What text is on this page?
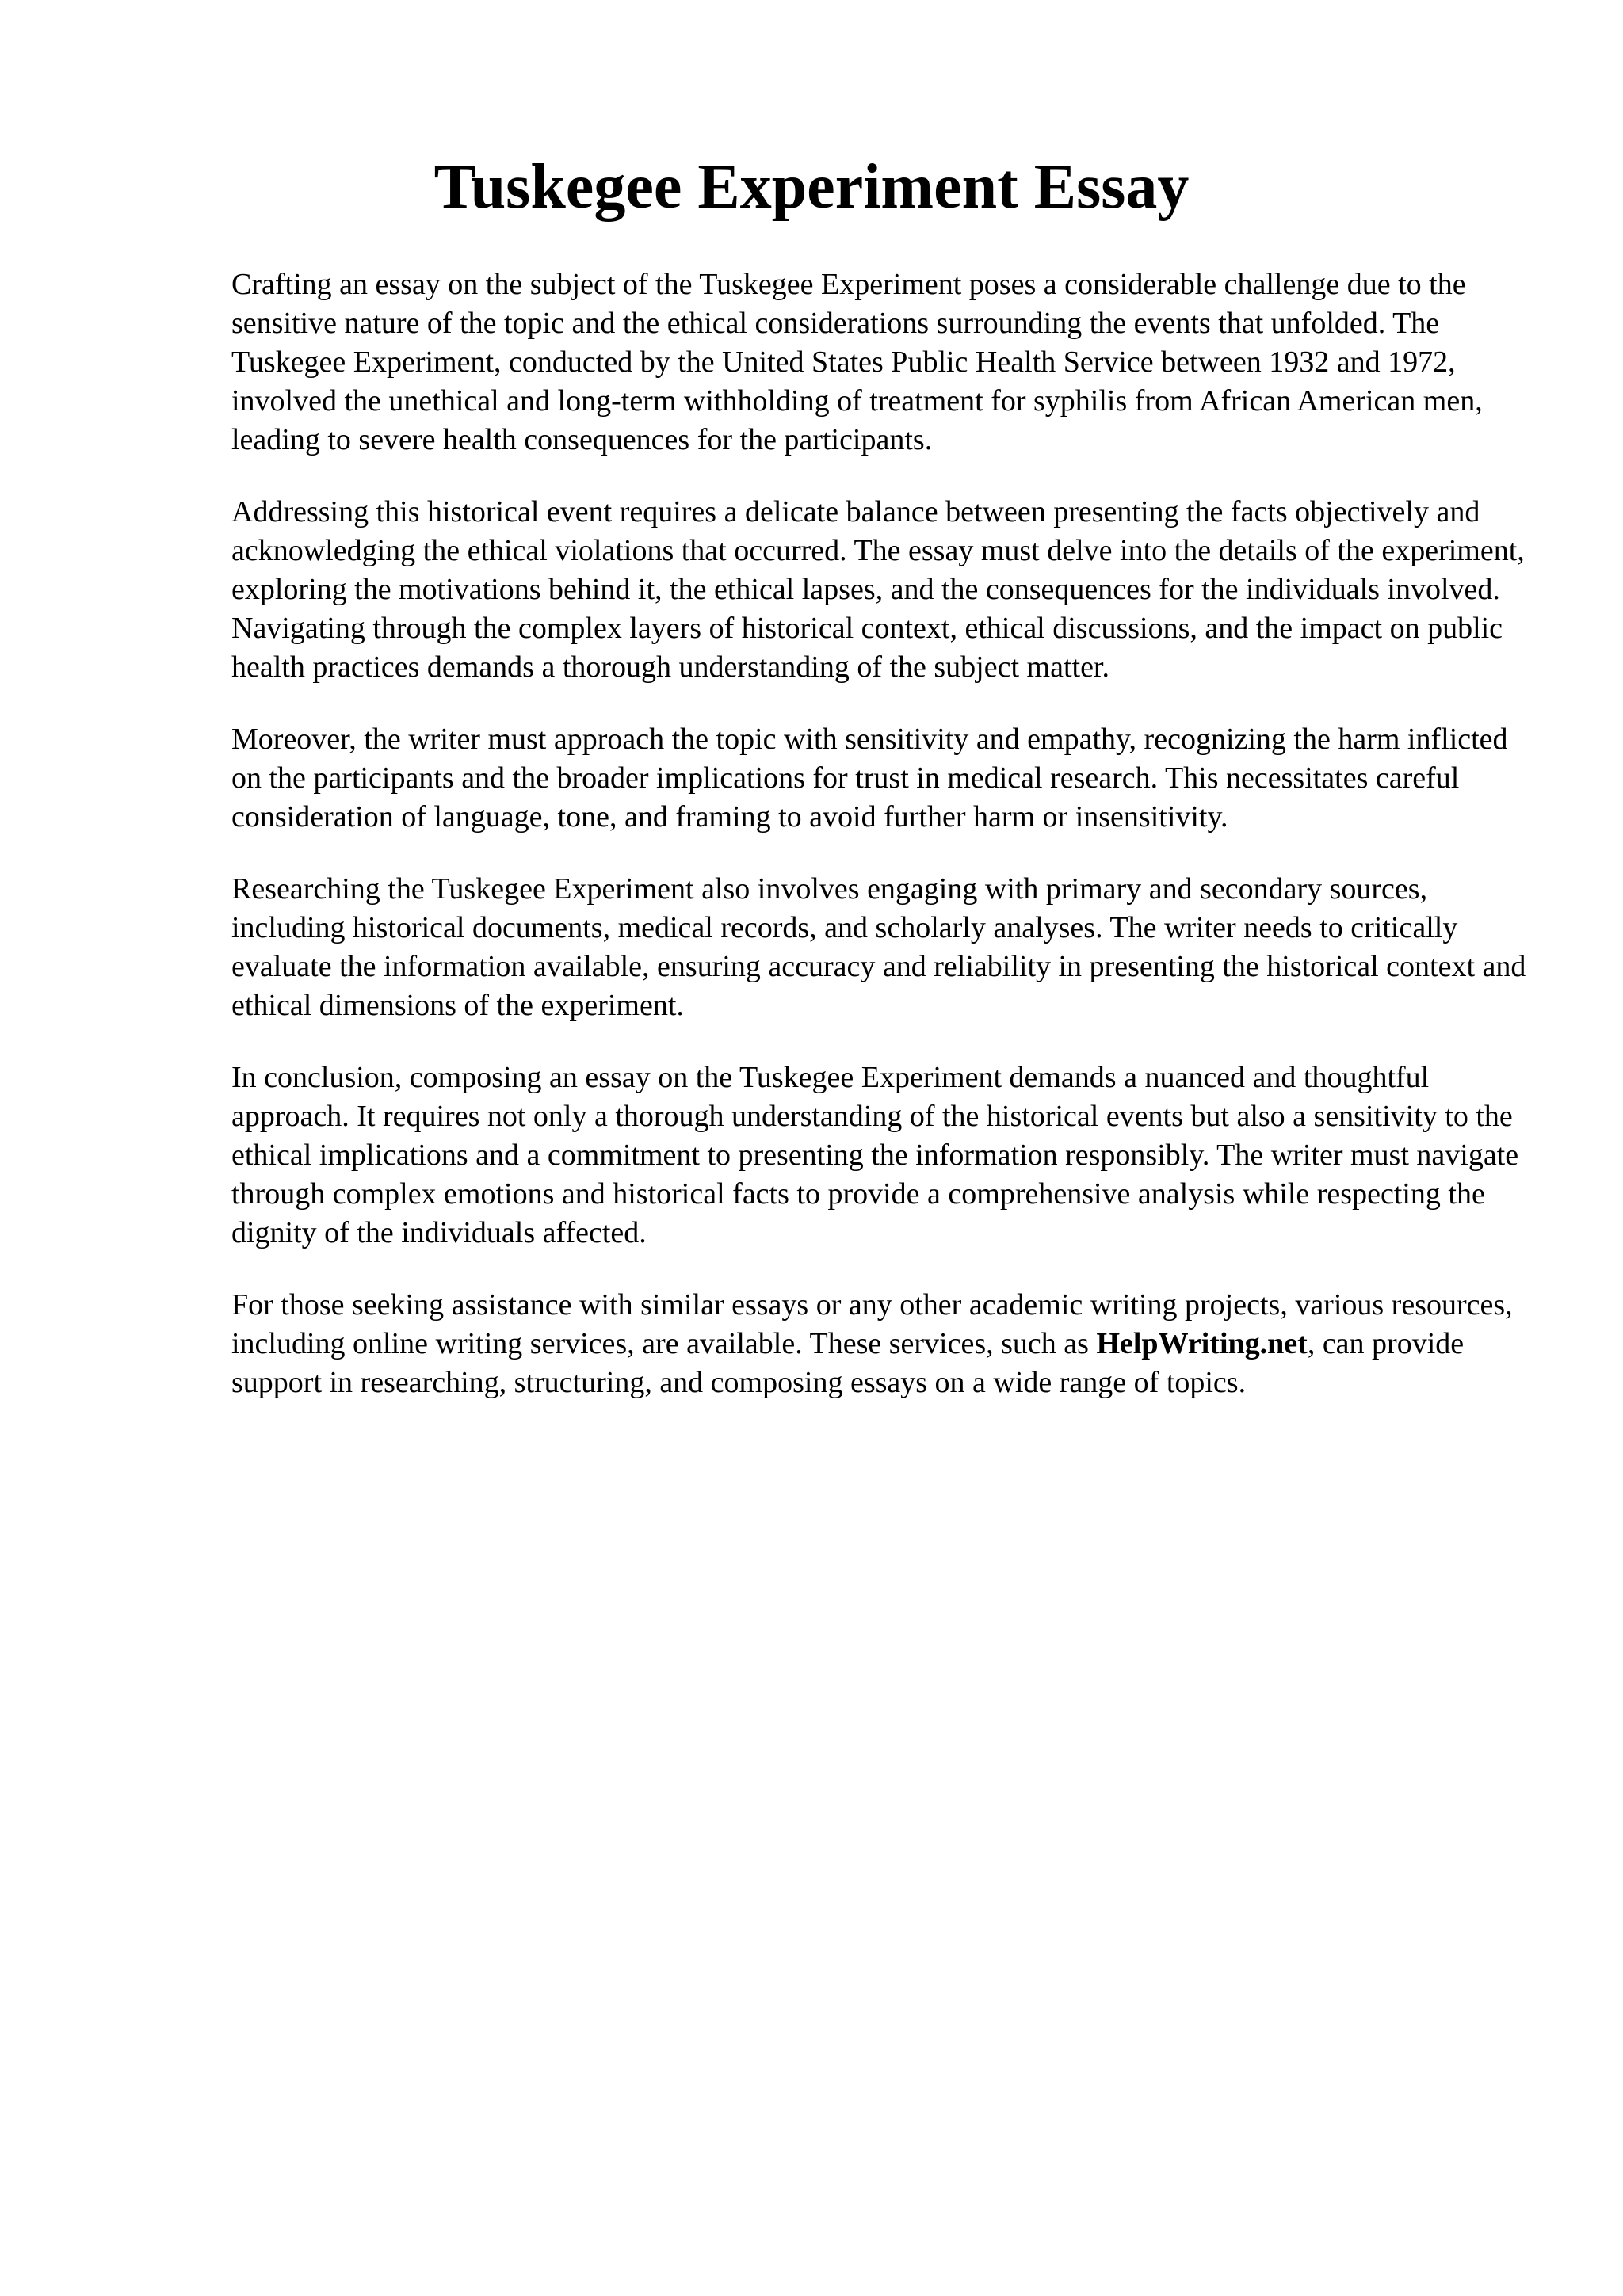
Tuskegee Experiment Essay

Crafting an essay on the subject of the Tuskegee Experiment poses a considerable challenge due to the sensitive nature of the topic and the ethical considerations surrounding the events that unfolded. The Tuskegee Experiment, conducted by the United States Public Health Service between 1932 and 1972, involved the unethical and long-term withholding of treatment for syphilis from African American men, leading to severe health consequences for the participants.

Addressing this historical event requires a delicate balance between presenting the facts objectively and acknowledging the ethical violations that occurred. The essay must delve into the details of the experiment, exploring the motivations behind it, the ethical lapses, and the consequences for the individuals involved. Navigating through the complex layers of historical context, ethical discussions, and the impact on public health practices demands a thorough understanding of the subject matter.

Moreover, the writer must approach the topic with sensitivity and empathy, recognizing the harm inflicted on the participants and the broader implications for trust in medical research. This necessitates careful consideration of language, tone, and framing to avoid further harm or insensitivity.

Researching the Tuskegee Experiment also involves engaging with primary and secondary sources, including historical documents, medical records, and scholarly analyses. The writer needs to critically evaluate the information available, ensuring accuracy and reliability in presenting the historical context and ethical dimensions of the experiment.

In conclusion, composing an essay on the Tuskegee Experiment demands a nuanced and thoughtful approach. It requires not only a thorough understanding of the historical events but also a sensitivity to the ethical implications and a commitment to presenting the information responsibly. The writer must navigate through complex emotions and historical facts to provide a comprehensive analysis while respecting the dignity of the individuals affected.

For those seeking assistance with similar essays or any other academic writing projects, various resources, including online writing services, are available. These services, such as HelpWriting.net, can provide support in researching, structuring, and composing essays on a wide range of topics.
